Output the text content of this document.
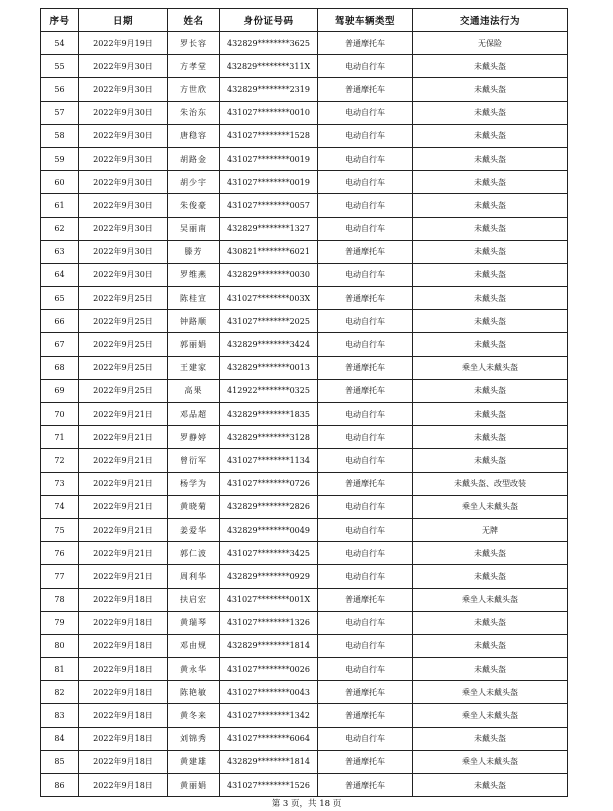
序号	日期	姓名	身份证号码	驾驶车辆类型	交通违法行为
54	2022年9月19日	罗长容	432829********3625	普通摩托车	无保险
55	2022年9月30日	方孝堂	432829********311X	电动自行车	未戴头盔
56	2022年9月30日	方世欣	432829********2319	普通摩托车	未戴头盔
57	2022年9月30日	朱治东	431027********0010	电动自行车	未戴头盔
58	2022年9月30日	唐稳容	431027********1528	电动自行车	未戴头盔
59	2022年9月30日	胡路金	431027********0019	电动自行车	未戴头盔
60	2022年9月30日	胡少宇	431027********0019	电动自行车	未戴头盔
61	2022年9月30日	朱俊豪	431027********0057	电动自行车	未戴头盔
62	2022年9月30日	吴丽南	432829********1327	电动自行车	未戴头盔
63	2022年9月30日	滕芳	430821********6021	普通摩托车	未戴头盔
64	2022年9月30日	罗维燕	432829********0030	电动自行车	未戴头盔
65	2022年9月25日	陈桂宣	431027********003X	普通摩托车	未戴头盔
66	2022年9月25日	钟路顺	431027********2025	电动自行车	未戴头盔
67	2022年9月25日	郭丽娟	432829********3424	电动自行车	未戴头盔
68	2022年9月25日	王建家	432829********0013	普通摩托车	乘坐人未戴头盔
69	2022年9月25日	高果	412922********0325	普通摩托车	未戴头盔
70	2022年9月21日	邓品超	432829********1835	电动自行车	未戴头盔
71	2022年9月21日	罗静婷	432829********3128	电动自行车	未戴头盔
72	2022年9月21日	曾衍军	431027********1134	电动自行车	未戴头盔
73	2022年9月21日	杨学为	431027********0726	普通摩托车	未戴头盔、改型改装
74	2022年9月21日	黄晓菊	432829********2826	电动自行车	乘坐人未戴头盔
75	2022年9月21日	姜爱华	432829********0049	电动自行车	无牌
76	2022年9月21日	郭仁波	431027********3425	电动自行车	未戴头盔
77	2022年9月21日	周利华	432829********0929	电动自行车	未戴头盔
78	2022年9月18日	扶启宏	431027********001X	普通摩托车	乘坐人未戴头盔
79	2022年9月18日	黄瑞琴	431027********1326	电动自行车	未戴头盔
80	2022年9月18日	邓由规	432829********1814	电动自行车	未戴头盔
81	2022年9月18日	黄永华	431027********0026	电动自行车	未戴头盔
82	2022年9月18日	陈艳敏	431027********0043	普通摩托车	乘坐人未戴头盔
83	2022年9月18日	黄冬来	431027********1342	普通摩托车	乘坐人未戴头盔
84	2022年9月18日	刘锦秀	431027********6064	电动自行车	未戴头盔
85	2022年9月18日	黄建雄	432829********1814	普通摩托车	乘坐人未戴头盔
86	2022年9月18日	黄丽娟	431027********1526	普通摩托车	未戴头盔
第 3 页，共 18 页
